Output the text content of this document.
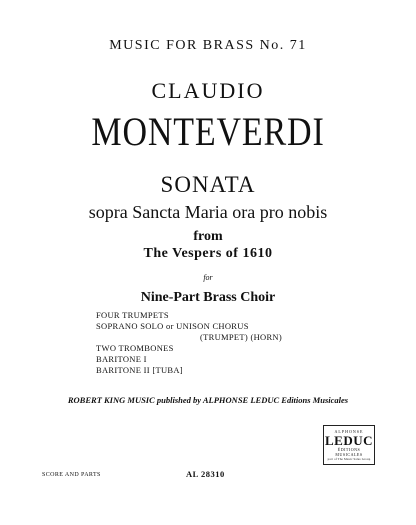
MUSIC FOR BRASS No. 71
CLAUDIO
MONTEVERDI
SONATA
sopra Sancta Maria ora pro nobis
from
The Vespers of 1610
for
Nine-Part Brass Choir
FOUR TRUMPETS
SOPRANO SOLO or UNISON CHORUS
(TRUMPET) (HORN)
TWO TROMBONES
BARITONE I
BARITONE II [TUBA]
ROBERT KING MUSIC published by ALPHONSE LEDUC Editions Musicales
ALPHONSE
LEDUC
ÉDITIONS MUSICALES
part of The Music Sales Group
SCORE AND PARTS	AL 28310
